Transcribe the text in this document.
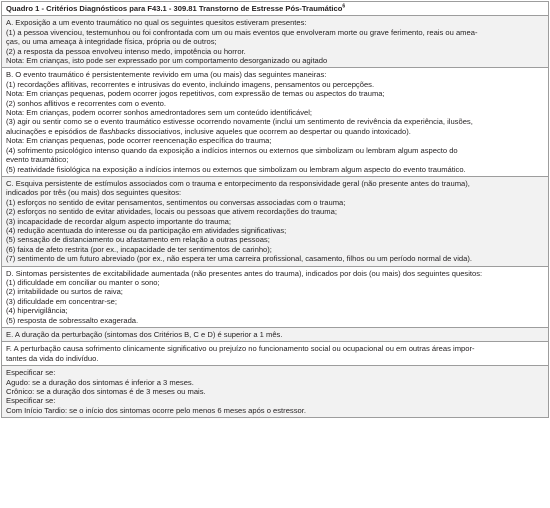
Quadro 1 - Critérios Diagnósticos para F43.1 - 309.81 Transtorno de Estresse Pós-Traumático$^6$

A. Exposição a um evento traumático no qual os seguintes quesitos estiveram presentes:

(1) a pessoa vivenciou, testemunhou ou foi confrontada com um ou mais eventos que envolveram morte ou grave ferimento, reais ou amea-

ças, ou uma ameaça à integridade física, própria ou de outros;

(2) a resposta da pessoa envolveu intenso medo, impotência ou horror.

Nota: Em crianças, isto pode ser expressado por um comportamento desorganizado ou agitado

B. O evento traumático é persistentemente revivido em uma (ou mais) das seguintes maneiras:

(1) recordações aflitivas, recorrentes e intrusivas do evento, incluindo imagens, pensamentos ou percepções.

Nota: Em crianças pequenas, podem ocorrer jogos repetitivos, com expressão de temas ou aspectos do trauma;

(2) sonhos aflitivos e recorrentes com o evento.

Nota: Em crianças, podem ocorrer sonhos amedrontadores sem um conteúdo identificável;

(3) agir ou sentir como se o evento traumático estivesse ocorrendo novamente (inclui um sentimento de revivência da experiência, ilusões,

alucinações e episódios de flashbacks dissociativos, inclusive aqueles que ocorrem ao despertar ou quando intoxicado).

Nota: Em crianças pequenas, pode ocorrer reencenação específica do trauma;

(4) sofrimento psicológico intenso quando da exposição a indícios internos ou externos que simbolizam ou lembram algum aspecto do

evento traumático;

(5) reatividade fisiológica na exposição a indícios internos ou externos que simbolizam ou lembram algum aspecto do evento traumático.

C. Esquiva persistente de estímulos associados com o trauma e entorpecimento da responsividade geral (não presente antes do trauma),

indicados por três (ou mais) dos seguintes quesitos:

(1) esforços no sentido de evitar pensamentos, sentimentos ou conversas associadas com o trauma;

(2) esforços no sentido de evitar atividades, locais ou pessoas que ativem recordações do trauma;

(3) incapacidade de recordar algum aspecto importante do trauma;

(4) redução acentuada do interesse ou da participação em atividades significativas;

(5) sensação de distanciamento ou afastamento em relação a outras pessoas;

(6) faixa de afeto restrita (por ex., incapacidade de ter sentimentos de carinho);

(7) sentimento de um futuro abreviado (por ex., não espera ter uma carreira profissional, casamento, filhos ou um período normal de vida).

D. Sintomas persistentes de excitabilidade aumentada (não presentes antes do trauma), indicados por dois (ou mais) dos seguintes quesitos:

(1) dificuldade em conciliar ou manter o sono;

(2) irritabilidade ou surtos de raiva;

(3) dificuldade em concentrar-se;

(4) hipervigilância;

(5) resposta de sobressalto exagerada.

E. A duração da perturbação (sintomas dos Critérios B, C e D) é superior a 1 mês.

F. A perturbação causa sofrimento clinicamente significativo ou prejuízo no funcionamento social ou ocupacional ou em outras áreas impor-

tantes da vida do indivíduo.

Especificar se:

Agudo: se a duração dos sintomas é inferior a 3 meses.

Crônico: se a duração dos sintomas é de 3 meses ou mais.

Especificar se:

Com Início Tardio: se o início dos sintomas ocorre pelo menos 6 meses após o estressor.
